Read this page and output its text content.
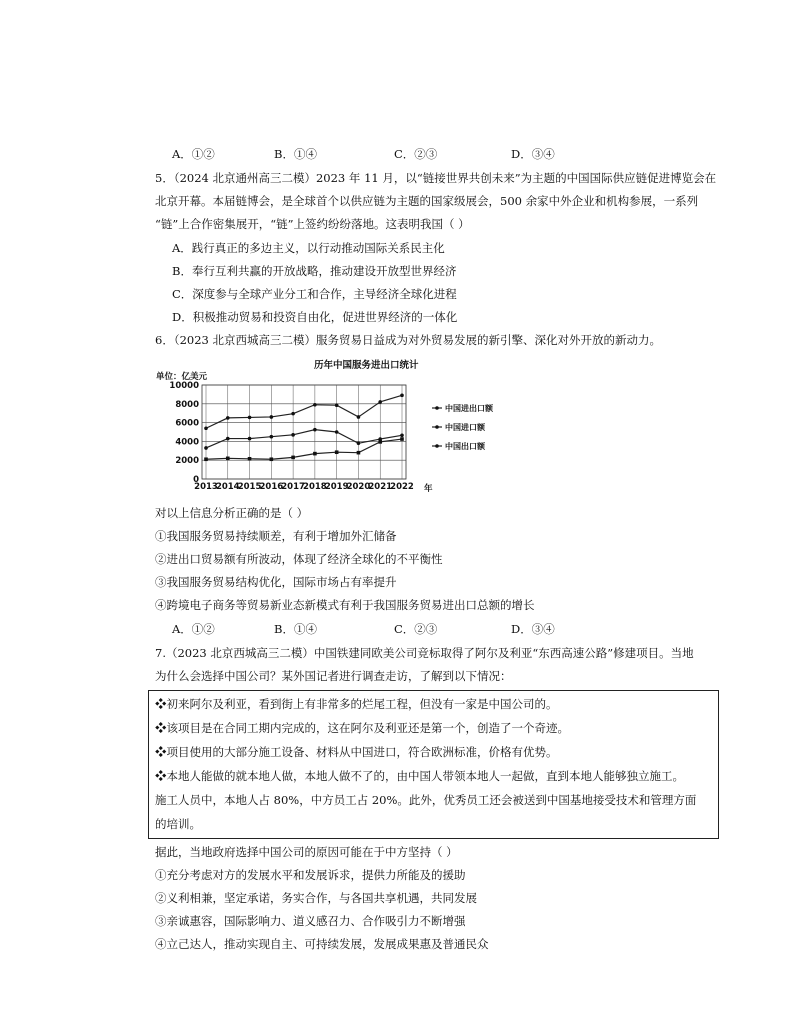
A．①②	B．①④	C．②③	D．③④
5．（2024 北京通州高三二模）2023 年 11 月，以“链接世界共创未来”为主题的中国国际供应链促进博览会在
北京开幕。本届链博会，是全球首个以供应链为主题的国家级展会，500 余家中外企业和机构参展，一系列
“链”上合作密集展开，“链”上签约纷纷落地。这表明我国（ ）
A．践行真正的多边主义，以行动推动国际关系民主化
B．奉行互利共赢的开放战略，推动建设开放型世界经济
C．深度参与全球产业分工和合作，主导经济全球化进程
D．积极推动贸易和投资自由化，促进世界经济的一体化
6．（2023 北京西城高三二模）服务贸易日益成为对外贸易发展的新引擎、深化对外开放的新动力。
历年中国服务进出口统计
单位：亿美元
0
2000
4000
6000
8000
10000
2013
2014
2015
2016
2017
2018
2019
2020
2021
2022
中国进出口额
中国进口额
中国出口额
年
对以上信息分析正确的是（ ）
①我国服务贸易持续顺差，有利于增加外汇储备
②进出口贸易额有所波动，体现了经济全球化的不平衡性
③我国服务贸易结构优化，国际市场占有率提升
④跨境电子商务等贸易新业态新模式有利于我国服务贸易进出口总额的增长
A．①②	B．①④	C．②③	D．③④
7.（2023 北京西城高三二模）中国铁建同欧美公司竞标取得了阿尔及利亚“东西高速公路”修建项目。当地
为什么会选择中国公司？某外国记者进行调查走访，了解到以下情况：
❖初来阿尔及利亚，看到街上有非常多的烂尾工程，但没有一家是中国公司的。
❖该项目是在合同工期内完成的，这在阿尔及利亚还是第一个，创造了一个奇迹。
❖项目使用的大部分施工设备、材料从中国进口，符合欧洲标准，价格有优势。
❖本地人能做的就本地人做，本地人做不了的，由中国人带领本地人一起做，直到本地人能够独立施工。
施工人员中，本地人占 80%，中方员工占 20%。此外，优秀员工还会被送到中国基地接受技术和管理方面
的培训。
据此，当地政府选择中国公司的原因可能在于中方坚持（ ）
①充分考虑对方的发展水平和发展诉求，提供力所能及的援助
②义利相兼，坚定承诺，务实合作，与各国共享机遇，共同发展
③亲诚惠容，国际影响力、道义感召力、合作吸引力不断增强
④立己达人，推动实现自主、可持续发展，发展成果惠及普通民众
